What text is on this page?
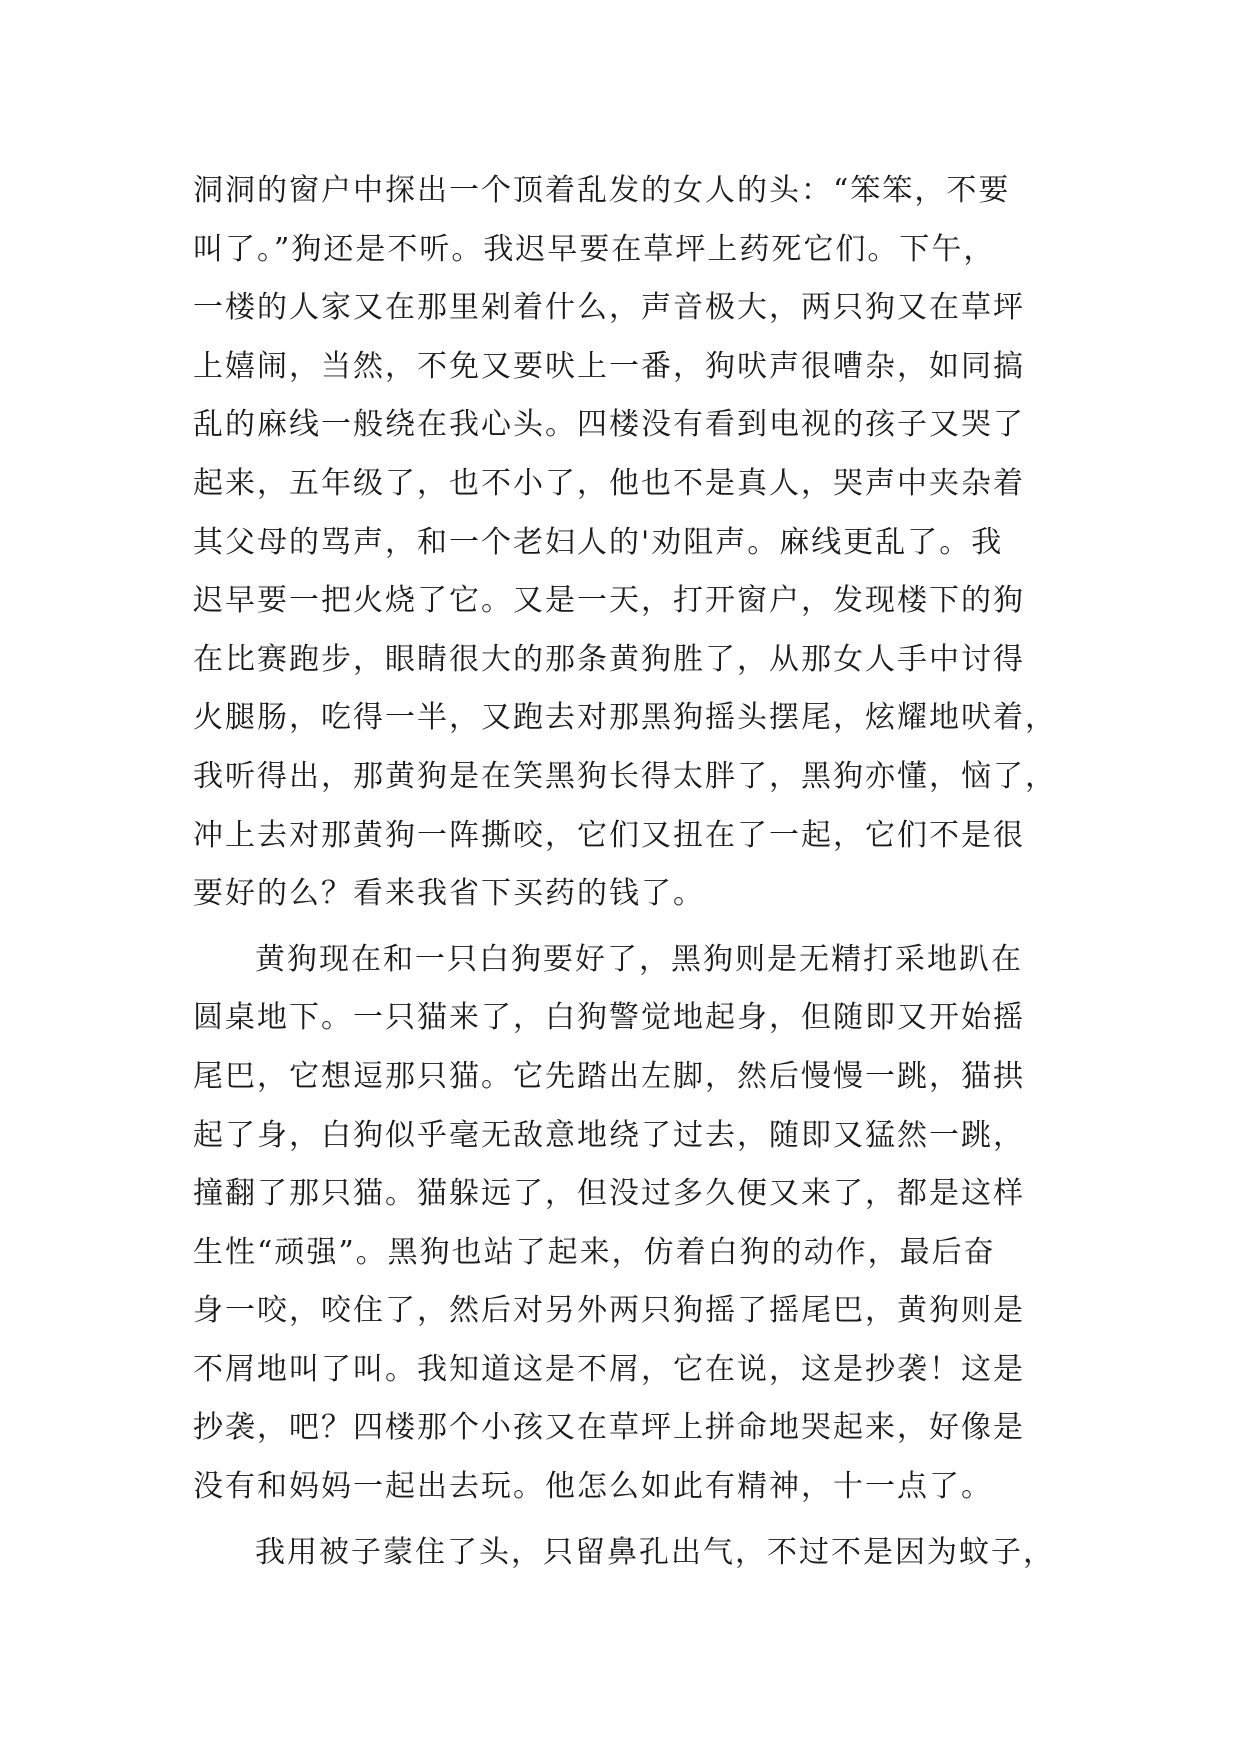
洞洞的窗户中探出一个顶着乱发的女人的头：“笨笨，不要
叫了。”狗还是不听。我迟早要在草坪上药死它们。下午，
一楼的人家又在那里剁着什么，声音极大，两只狗又在草坪
上嬉闹，当然，不免又要吠上一番，狗吠声很嘈杂，如同搞
乱的麻线一般绕在我心头。四楼没有看到电视的孩子又哭了
起来，五年级了，也不小了，他也不是真人，哭声中夹杂着
其父母的骂声，和一个老妇人的'劝阻声。麻线更乱了。我
迟早要一把火烧了它。又是一天，打开窗户，发现楼下的狗
在比赛跑步，眼睛很大的那条黄狗胜了，从那女人手中讨得
火腿肠，吃得一半，又跑去对那黑狗摇头摆尾，炫耀地吠着，
我听得出，那黄狗是在笑黑狗长得太胖了，黑狗亦懂，恼了，
冲上去对那黄狗一阵撕咬，它们又扭在了一起，它们不是很
要好的么？看来我省下买药的钱了。
黄狗现在和一只白狗要好了，黑狗则是无精打采地趴在
圆桌地下。一只猫来了，白狗警觉地起身，但随即又开始摇
尾巴，它想逗那只猫。它先踏出左脚，然后慢慢一跳，猫拱
起了身，白狗似乎毫无敌意地绕了过去，随即又猛然一跳，
撞翻了那只猫。猫躲远了，但没过多久便又来了，都是这样
生性“顽强”。黑狗也站了起来，仿着白狗的动作，最后奋
身一咬，咬住了，然后对另外两只狗摇了摇尾巴，黄狗则是
不屑地叫了叫。我知道这是不屑，它在说，这是抄袭！这是
抄袭，吧？四楼那个小孩又在草坪上拼命地哭起来，好像是
没有和妈妈一起出去玩。他怎么如此有精神，十一点了。
我用被子蒙住了头，只留鼻孔出气，不过不是因为蚊子，
